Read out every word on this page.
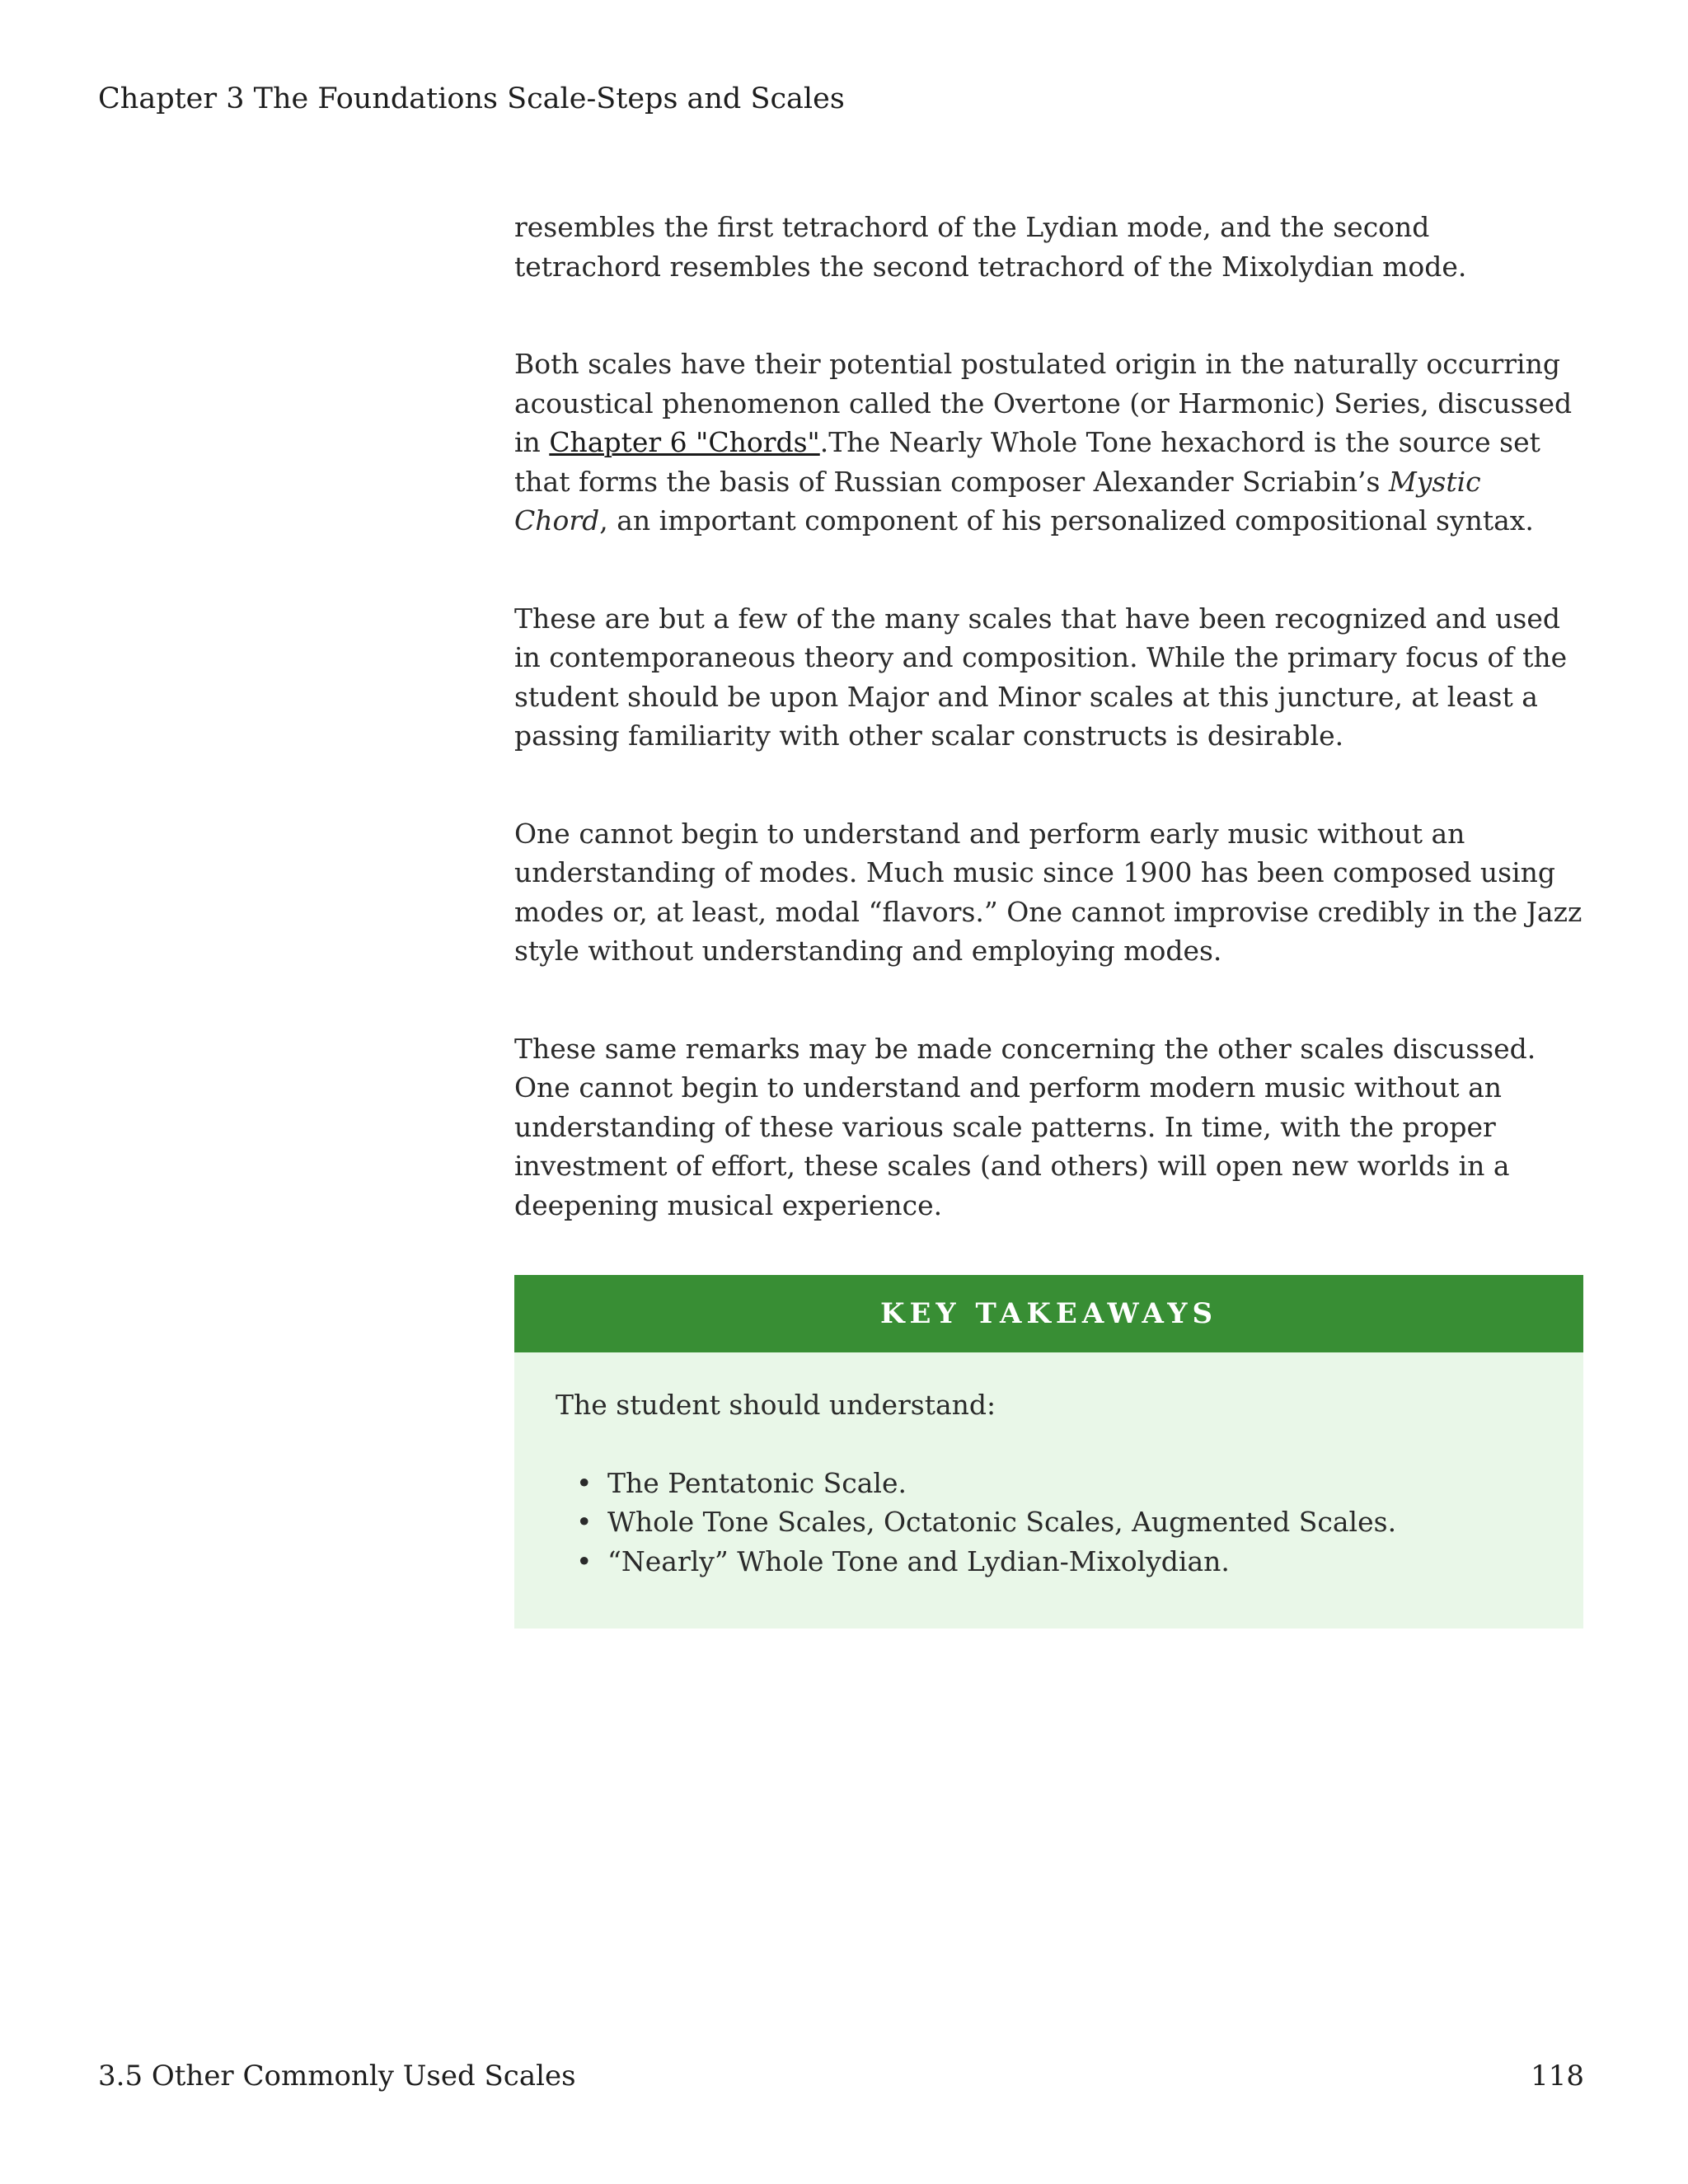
Chapter 3 The Foundations Scale-Steps and Scales

resembles the first tetrachord of the Lydian mode, and the second tetrachord resembles the second tetrachord of the Mixolydian mode.

Both scales have their potential postulated origin in the naturally occurring acoustical phenomenon called the Overtone (or Harmonic) Series, discussed in Chapter 6 "Chords".The Nearly Whole Tone hexachord is the source set that forms the basis of Russian composer Alexander Scriabin’s Mystic Chord, an important component of his personalized compositional syntax.

These are but a few of the many scales that have been recognized and used in contemporaneous theory and composition. While the primary focus of the student should be upon Major and Minor scales at this juncture, at least a passing familiarity with other scalar constructs is desirable.

One cannot begin to understand and perform early music without an understanding of modes. Much music since 1900 has been composed using modes or, at least, modal “flavors.” One cannot improvise credibly in the Jazz style without understanding and employing modes.

These same remarks may be made concerning the other scales discussed. One cannot begin to understand and perform modern music without an understanding of these various scale patterns. In time, with the proper investment of effort, these scales (and others) will open new worlds in a deepening musical experience.

KEY TAKEAWAYS

The student should understand:

• The Pentatonic Scale.
• Whole Tone Scales, Octatonic Scales, Augmented Scales.
• “Nearly” Whole Tone and Lydian-Mixolydian.
3.5 Other Commonly Used Scales	118
